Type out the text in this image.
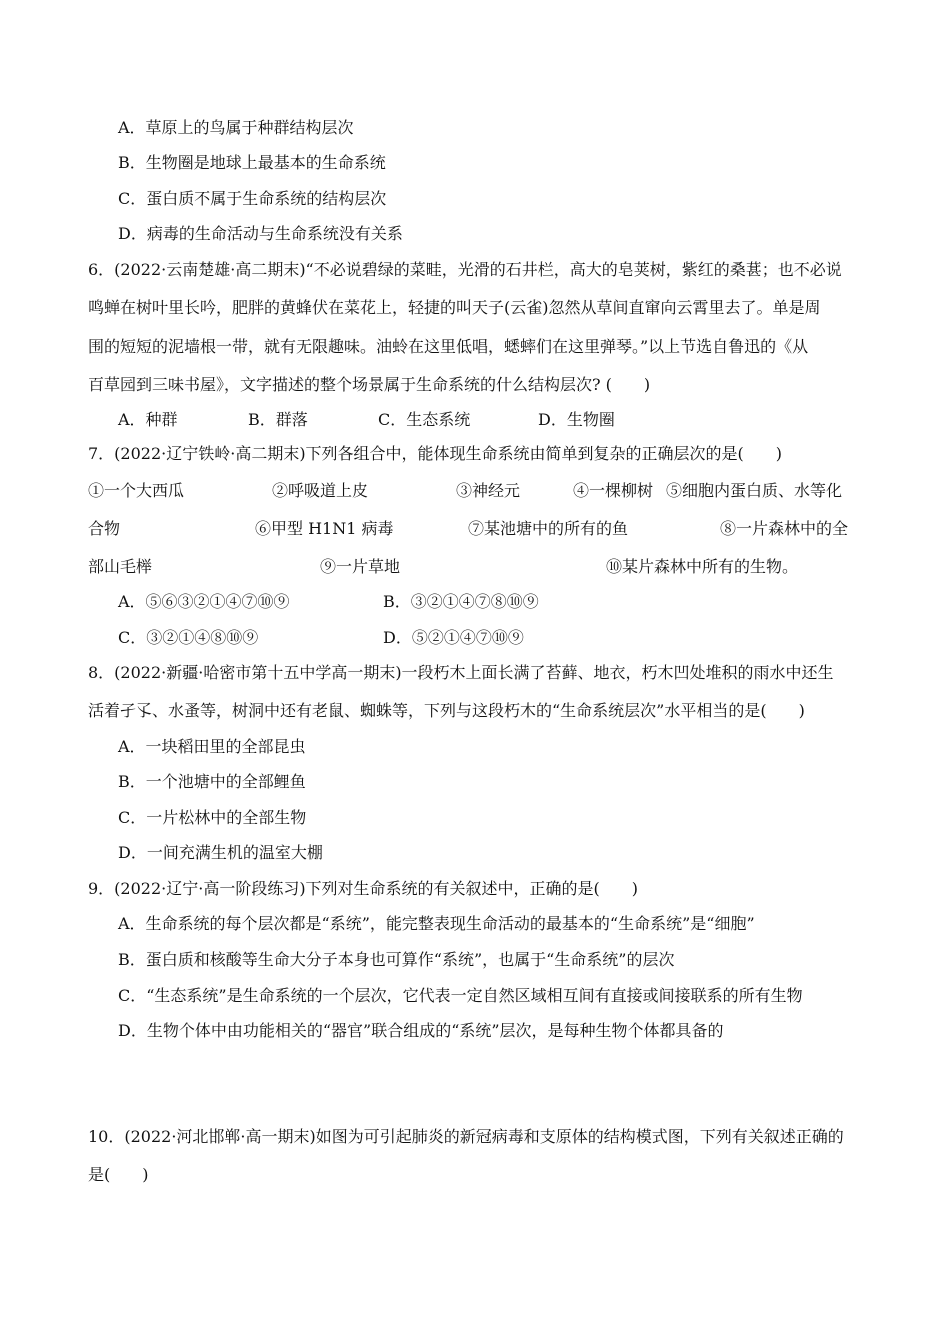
A．草原上的鸟属于种群结构层次
B．生物圈是地球上最基本的生命系统
C．蛋白质不属于生命系统的结构层次
D．病毒的生命活动与生命系统没有关系
6．(2022·云南楚雄·高二期末)“不必说碧绿的菜畦，光滑的石井栏，高大的皂荚树，紫红的桑葚；也不必说
鸣蝉在树叶里长吟，肥胖的黄蜂伏在菜花上，轻捷的叫天子(云雀)忽然从草间直窜向云霄里去了。单是周
围的短短的泥墙根一带，就有无限趣味。油蛉在这里低唱，蟋蟀们在这里弹琴。”以上节选自鲁迅的《从
百草园到三味书屋》，文字描述的整个场景属于生命系统的什么结构层次? (　　)
A．种群	B．群落	C．生态系统	D．生物圈
7．(2022·辽宁铁岭·高二期末)下列各组合中，能体现生命系统由简单到复杂的正确层次的是(　　)
①一个大西瓜	②呼吸道上皮	③神经元	④一棵柳树 ⑤细胞内蛋白质、水等化
合物	⑥甲型 H1N1 病毒	⑦某池塘中的所有的鱼	⑧一片森林中的全
部山毛榉	⑨一片草地	⑩某片森林中所有的生物。
A．⑤⑥③②①④⑦⑩⑨	B．③②①④⑦⑧⑩⑨
C．③②①④⑧⑩⑨	D．⑤②①④⑦⑩⑨
8．(2022·新疆·哈密市第十五中学高一期末)一段朽木上面长满了苔藓、地衣，朽木凹处堆积的雨水中还生
活着孑孓、水蚤等，树洞中还有老鼠、蜘蛛等，下列与这段朽木的“生命系统层次”水平相当的是(　　)
A．一块稻田里的全部昆虫
B．一个池塘中的全部鲤鱼
C．一片松林中的全部生物
D．一间充满生机的温室大棚
9．(2022·辽宁·高一阶段练习)下列对生命系统的有关叙述中，正确的是(　　)
A．生命系统的每个层次都是“系统”，能完整表现生命活动的最基本的“生命系统”是“细胞”
B．蛋白质和核酸等生命大分子本身也可算作“系统”，也属于“生命系统”的层次
C．“生态系统”是生命系统的一个层次，它代表一定自然区域相互间有直接或间接联系的所有生物
D．生物个体中由功能相关的“器官”联合组成的“系统”层次，是每种生物个体都具备的
10．(2022·河北邯郸·高一期末)如图为可引起肺炎的新冠病毒和支原体的结构模式图，下列有关叙述正确的
是(　　)
